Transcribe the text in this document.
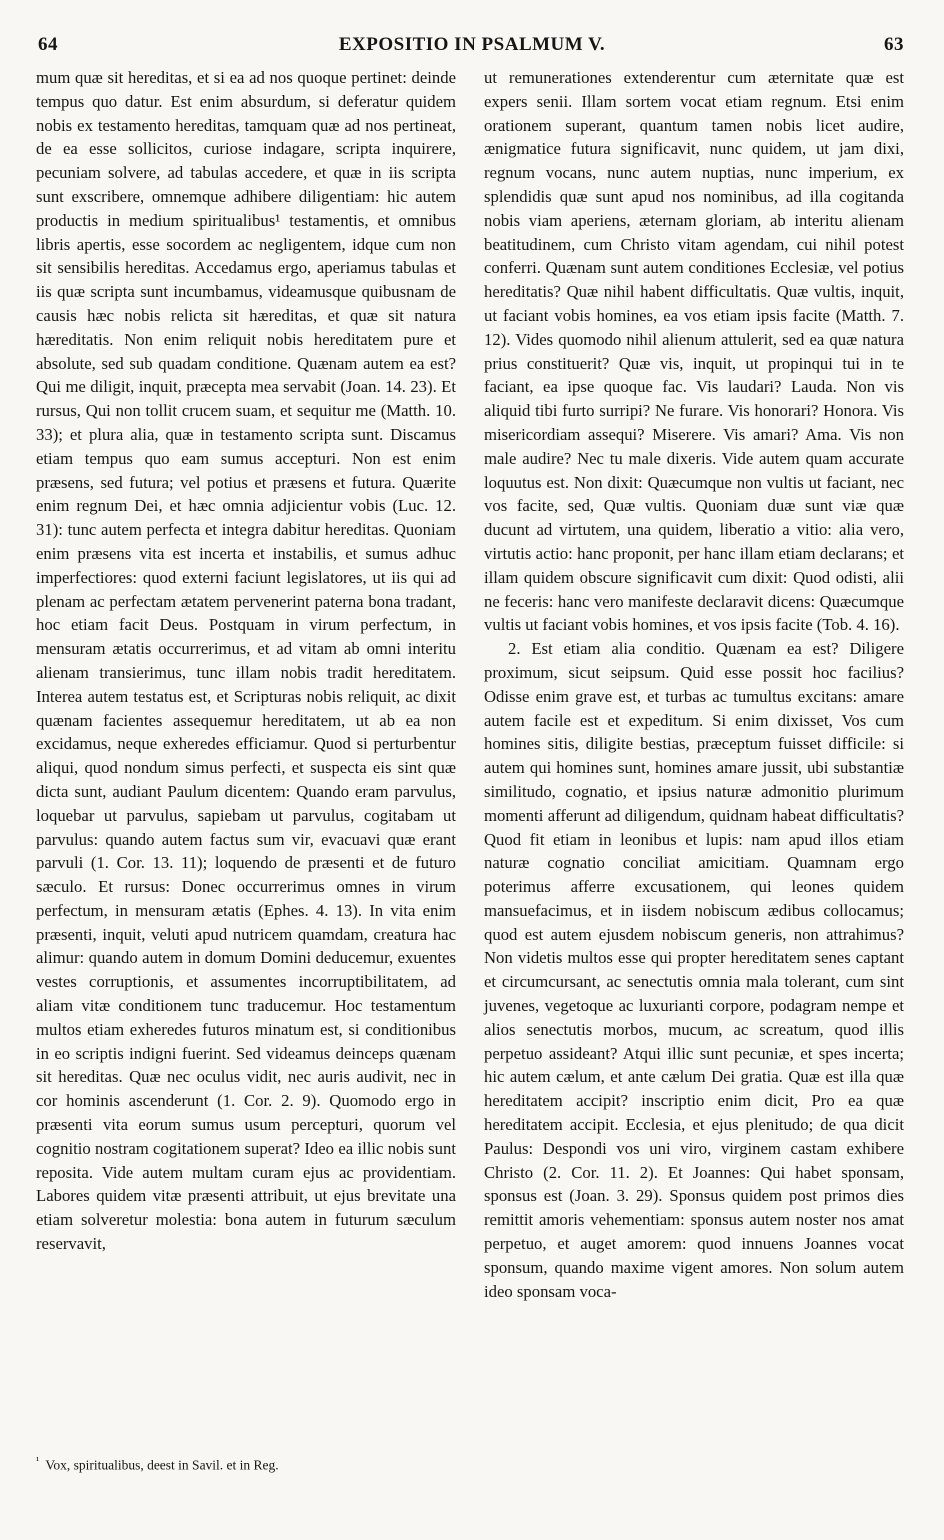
64	EXPOSITIO IN PSALMUM V.	63

mum quæ sit hereditas, et si ea ad nos quoque pertinet: deinde tempus quo datur. Est enim absurdum, si deferatur quidem nobis ex testamento hereditas, tamquam quæ ad nos pertineat, de ea esse sollicitos, curiose indagare, scripta inquirere, pecuniam solvere, ad tabulas accedere, et quæ in iis scripta sunt exscribere, omnemque adhibere diligentiam: hic autem productis in medium spiritualibus¹ testamentis, et omnibus libris apertis, esse socordem ac negligentem, idque cum non sit sensibilis hereditas. Accedamus ergo, aperiamus tabulas et iis quæ scripta sunt incumbamus, videamusque quibusnam de causis hæc nobis relicta sit hæreditas, et quæ sit natura hæreditatis. Non enim reliquit nobis hereditatem pure et absolute, sed sub quadam conditione. Quænam autem ea est? Qui me diligit, inquit, præcepta mea servabit (Joan. 14. 23). Et rursus, Qui non tollit crucem suam, et sequitur me (Matth. 10. 33); et plura alia, quæ in testamento scripta sunt. Discamus etiam tempus quo eam sumus accepturi. Non est enim præsens, sed futura; vel potius et præsens et futura. Quærite enim regnum Dei, et hæc omnia adjicientur vobis (Luc. 12. 31): tunc autem perfecta et integra dabitur hereditas. Quoniam enim præsens vita est incerta et instabilis, et sumus adhuc imperfectiores: quod externi faciunt legislatores, ut iis qui ad plenam ac perfectam ætatem pervenerint paterna bona tradant, hoc etiam facit Deus. Postquam in virum perfectum, in mensuram ætatis occurrerimus, et ad vitam ab omni interitu alienam transierimus, tunc illam nobis tradit hereditatem. Interea autem testatus est, et Scripturas nobis reliquit, ac dixit quænam facientes assequemur hereditatem, ut ab ea non excidamus, neque exheredes efficiamur. Quod si perturbentur aliqui, quod nondum simus perfecti, et suspecta eis sint quæ dicta sunt, audiant Paulum dicentem: Quando eram parvulus, loquebar ut parvulus, sapiebam ut parvulus, cogitabam ut parvulus: quando autem factus sum vir, evacuavi quæ erant parvuli (1. Cor. 13. 11); loquendo de præsenti et de futuro sæculo. Et rursus: Donec occurrerimus omnes in virum perfectum, in mensuram ætatis (Ephes. 4. 13). In vita enim præsenti, inquit, veluti apud nutricem quamdam, creatura hac alimur: quando autem in domum Domini deducemur, exuentes vestes corruptionis, et assumentes incorruptibilitatem, ad aliam vitæ conditionem tunc traducemur. Hoc testamentum multos etiam exheredes futuros minatum est, si conditionibus in eo scriptis indigni fuerint. Sed videamus deinceps quænam sit hereditas. Quæ nec oculus vidit, nec auris audivit, nec in cor hominis ascenderunt (1. Cor. 2. 9). Quomodo ergo in præsenti vita eorum sumus usum percepturi, quorum vel cognitio nostram cogitationem superat? Ideo ea illic nobis sunt reposita. Vide autem multam curam ejus ac providentiam. Labores quidem vitæ præsenti attribuit, ut ejus brevitate una etiam solveretur molestia: bona autem in futurum sæculum reservavit,

ut remunerationes extenderentur cum æternitate quæ est expers senii. Illam sortem vocat etiam regnum. Etsi enim orationem superant, quantum tamen nobis licet audire, ænigmatice futura significavit, nunc quidem, ut jam dixi, regnum vocans, nunc autem nuptias, nunc imperium, ex splendidis quæ sunt apud nos nominibus, ad illa cogitanda nobis viam aperiens, æternam gloriam, ab interitu alienam beatitudinem, cum Christo vitam agendam, cui nihil potest conferri. Quænam sunt autem conditiones Ecclesiæ, vel potius hereditatis? Quæ nihil habent difficultatis. Quæ vultis, inquit, ut faciant vobis homines, ea vos etiam ipsis facite (Matth. 7. 12). Vides quomodo nihil alienum attulerit, sed ea quæ natura prius constituerit? Quæ vis, inquit, ut propinqui tui in te faciant, ea ipse quoque fac. Vis laudari? Lauda. Non vis aliquid tibi furto surripi? Ne furare. Vis honorari? Honora. Vis misericordiam assequi? Miserere. Vis amari? Ama. Vis non male audire? Nec tu male dixeris. Vide autem quam accurate loquutus est. Non dixit: Quæcumque non vultis ut faciant, nec vos facite, sed, Quæ vultis. Quoniam duæ sunt viæ quæ ducunt ad virtutem, una quidem, liberatio a vitio: alia vero, virtutis actio: hanc proponit, per hanc illam etiam declarans; et illam quidem obscure significavit cum dixit: Quod odisti, alii ne feceris: hanc vero manifeste declaravit dicens: Quæcumque vultis ut faciant vobis homines, et vos ipsis facite (Tob. 4. 16).

2. Est etiam alia conditio. Quænam ea est? Diligere proximum, sicut seipsum. Quid esse possit hoc facilius? Odisse enim grave est, et turbas ac tumultus excitans: amare autem facile est et expeditum. Si enim dixisset, Vos cum homines sitis, diligite bestias, præceptum fuisset difficile: si autem qui homines sunt, homines amare jussit, ubi substantiæ similitudo, cognatio, et ipsius naturæ admonitio plurimum momenti afferunt ad diligendum, quidnam habeat difficultatis? Quod fit etiam in leonibus et lupis: nam apud illos etiam naturæ cognatio conciliat amicitiam. Quamnam ergo poterimus afferre excusationem, qui leones quidem mansuefacimus, et in iisdem nobiscum ædibus collocamus; quod est autem ejusdem nobiscum generis, non attrahimus? Non videtis multos esse qui propter hereditatem senes captant et circumcursant, ac senectutis omnia mala tolerant, cum sint juvenes, vegetoque ac luxurianti corpore, podagram nempe et alios senectutis morbos, mucum, ac screatum, quod illis perpetuo assideant? Atqui illic sunt pecuniæ, et spes incerta; hic autem cælum, et ante cælum Dei gratia. Quæ est illa quæ hereditatem accipit? inscriptio enim dicit, Pro ea quæ hereditatem accipit. Ecclesia, et ejus plenitudo; de qua dicit Paulus: Despondi vos uni viro, virginem castam exhibere Christo (2. Cor. 11. 2). Et Joannes: Qui habet sponsam, sponsus est (Joan. 3. 29). Sponsus quidem post primos dies remittit amoris vehementiam: sponsus autem noster nos amat perpetuo, et auget amorem: quod innuens Joannes vocat sponsum, quando maxime vigent amores. Non solum autem ideo sponsam voca-

$^{^1}$ Vox, spiritualibus, deest in Savil. et in Reg.
